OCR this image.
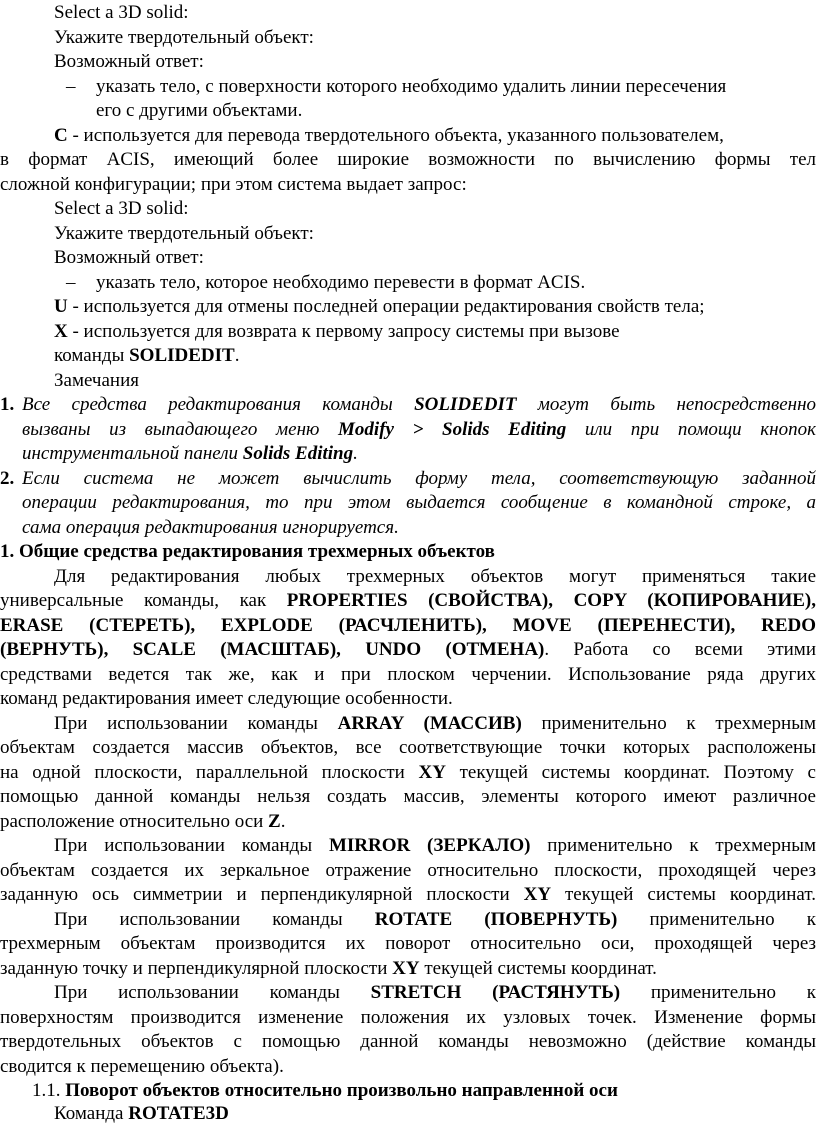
Select a 3D solid:
Укажите твердотельный объект:
Возможный ответ:
– указать тело, с поверхности которого необходимо удалить линии пересечения
его с другими объектами.
С - используется для перевода твердотельного объекта, указанного пользователем,
в формат ACIS, имеющий более широкие возможности по вычислению формы тел
сложной конфигурации; при этом система выдает запрос:
Select a 3D solid:
Укажите твердотельный объект:
Возможный ответ:
– указать тело, которое необходимо перевести в формат ACIS.
U - используется для отмены последней операции редактирования свойств тела;
X - используется для возврата к первому запросу системы при вызове
команды SOLIDEDIT.
Замечания
1. Все средства редактирования команды SOLIDEDIT могут быть непосредственно
вызваны из выпадающего меню Modify > Solids Editing или при помощи кнопок
инструментальной панели Solids Editing.
2. Если система не может вычислить форму тела, соответствующую заданной
операции редактирования, то при этом выдается сообщение в командной строке, а
сама операция редактирования игнорируется.
1. Общие средства редактирования трехмерных объектов
Для редактирования любых трехмерных объектов могут применяться такие
универсальные команды, как PROPERTIES (СВОЙСТВА), COPY (КОПИРОВАНИЕ),
ERASE (СТЕРЕТЬ), EXPLODE (РАСЧЛЕНИТЬ), MOVE (ПЕРЕНЕСТИ), REDO
(ВЕРНУТЬ), SCALE (МАСШТАБ), UNDO (ОТМЕНА). Работа со всеми этими
средствами ведется так же, как и при плоском черчении. Использование ряда других
команд редактирования имеет следующие особенности.
При использовании команды ARRAY (МАССИВ) применительно к трехмерным
объектам создается массив объектов, все соответствующие точки которых расположены
на одной плоскости, параллельной плоскости XY текущей системы координат. Поэтому с
помощью данной команды нельзя создать массив, элементы которого имеют различное
расположение относительно оси Z.
При использовании команды MIRROR (ЗЕРКАЛО) применительно к трехмерным
объектам создается их зеркальное отражение относительно плоскости, проходящей через
заданную ось симметрии и перпендикулярной плоскости XY текущей системы координат.
При использовании команды ROTATE (ПОВЕРНУТЬ) применительно к
трехмерным объектам производится их поворот относительно оси, проходящей через
заданную точку и перпендикулярной плоскости XY текущей системы координат.
При использовании команды STRETCH (РАСТЯНУТЬ) применительно к
поверхностям производится изменение положения их узловых точек. Изменение формы
твердотельных объектов с помощью данной команды невозможно (действие команды
сводится к перемещению объекта).
1.1. Поворот объектов относительно произвольно направленной оси
Команда ROTATE3D
